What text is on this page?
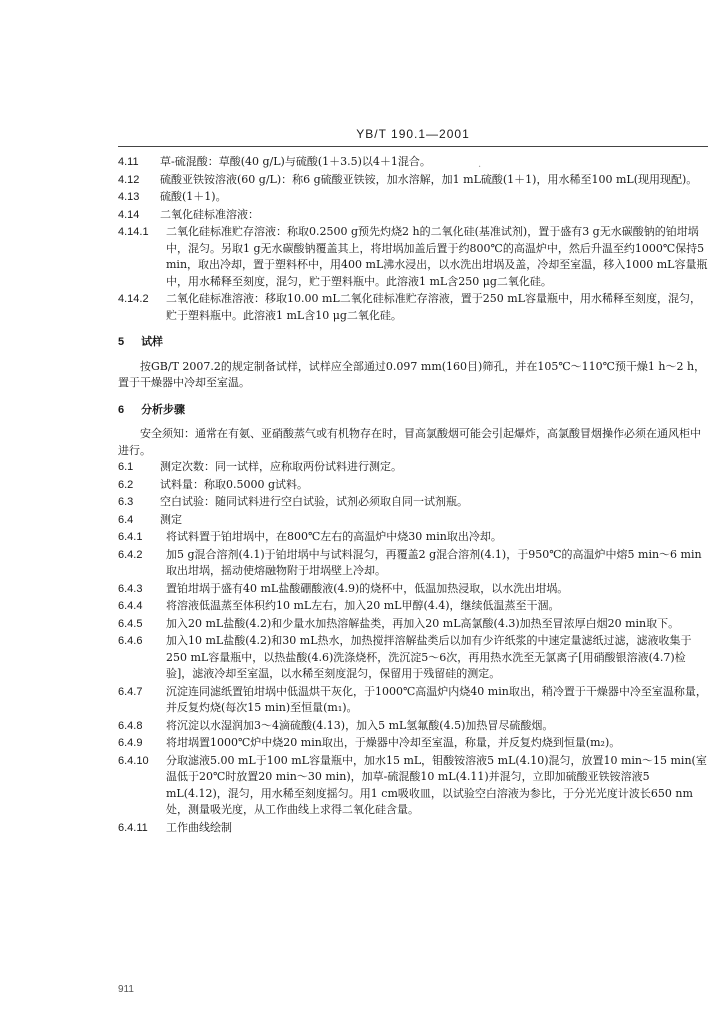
YB/T 190.1—2001
·
4.11	草-硫混酸：草酸(40 g/L)与硫酸(1＋3.5)以4＋1混合。
4.12	硫酸亚铁铵溶液(60 g/L)：称6 g硫酸亚铁铵，加水溶解，加1 mL硫酸(1＋1)，用水稀至100 mL(现用现配)。
4.13	硫酸(1＋1)。
4.14	二氧化硅标准溶液：
4.14.1	二氧化硅标准贮存溶液：称取0.2500 g预先灼烧2 h的二氧化硅(基准试剂)，置于盛有3 g无水碳酸钠的铂坩埚中，混匀。另取1 g无水碳酸钠覆盖其上，将坩埚加盖后置于约800℃的高温炉中，然后升温至约1000℃保持5 min，取出冷却，置于塑料杯中，用400 mL沸水浸出，以水洗出坩埚及盖，冷却至室温，移入1000 mL容量瓶中，用水稀释至刻度，混匀，贮于塑料瓶中。此溶液1 mL含250 μg二氧化硅。
4.14.2	二氧化硅标准溶液：移取10.00 mL二氧化硅标准贮存溶液，置于250 mL容量瓶中，用水稀释至刻度，混匀，贮于塑料瓶中。此溶液1 mL含10 μg二氧化硅。
5 试样

按GB/T 2007.2的规定制备试样，试样应全部通过0.097 mm(160目)筛孔，并在105℃～110℃预干燥1 h～2 h，置于干燥器中冷却至室温。

6 分析步骤

安全须知：通常在有氨、亚硝酸蒸气或有机物存在时，冒高氯酸烟可能会引起爆炸，高氯酸冒烟操作必须在通风柜中进行。

6.1	测定次数：同一试样，应称取两份试料进行测定。
6.2	试料量：称取0.5000 g试料。
6.3	空白试验：随同试料进行空白试验，试剂必须取自同一试剂瓶。
6.4	测定
6.4.1	将试料置于铂坩埚中，在800℃左右的高温炉中烧30 min取出冷却。
6.4.2	加5 g混合溶剂(4.1)于铂坩埚中与试料混匀，再覆盖2 g混合溶剂(4.1)，于950℃的高温炉中熔5 min～6 min取出坩埚，摇动使熔融物附于坩埚壁上冷却。
6.4.3	置铂坩埚于盛有40 mL盐酸硼酸液(4.9)的烧杯中，低温加热浸取，以水洗出坩埚。
6.4.4	将溶液低温蒸至体积约10 mL左右，加入20 mL甲醇(4.4)，继续低温蒸至干涸。
6.4.5	加入20 mL盐酸(4.2)和少量水加热溶解盐类，再加入20 mL高氯酸(4.3)加热至冒浓厚白烟20 min取下。
6.4.6	加入10 mL盐酸(4.2)和30 mL热水，加热搅拌溶解盐类后以加有少许纸浆的中速定量滤纸过滤，滤液收集于250 mL容量瓶中，以热盐酸(4.6)洗涤烧杯，洗沉淀5～6次，再用热水洗至无氯离子[用硝酸银溶液(4.7)检验]，滤液冷却至室温，以水稀至刻度混匀，保留用于残留硅的测定。
6.4.7	沉淀连同滤纸置铂坩埚中低温烘干灰化，于1000℃高温炉内烧40 min取出，稍冷置于干燥器中冷至室温称量，并反复灼烧(每次15 min)至恒量(m₁)。
6.4.8	将沉淀以水湿润加3～4滴硫酸(4.13)，加入5 mL氢氟酸(4.5)加热冒尽硫酸烟。
6.4.9	将坩埚置1000℃炉中烧20 min取出，于燥器中冷却至室温，称量，并反复灼烧到恒量(m₂)。
6.4.10	分取滤液5.00 mL于100 mL容量瓶中，加水15 mL，钼酸铵溶液5 mL(4.10)混匀，放置10 min～15 min(室温低于20℃时放置20 min～30 min)，加草-硫混酸10 mL(4.11)并混匀，立即加硫酸亚铁铵溶液5 mL(4.12)，混匀，用水稀至刻度摇匀。用1 cm吸收皿，以试验空白溶液为参比，于分光光度计波长650 nm处，测量吸光度，从工作曲线上求得二氧化硅含量。
6.4.11	工作曲线绘制
911
